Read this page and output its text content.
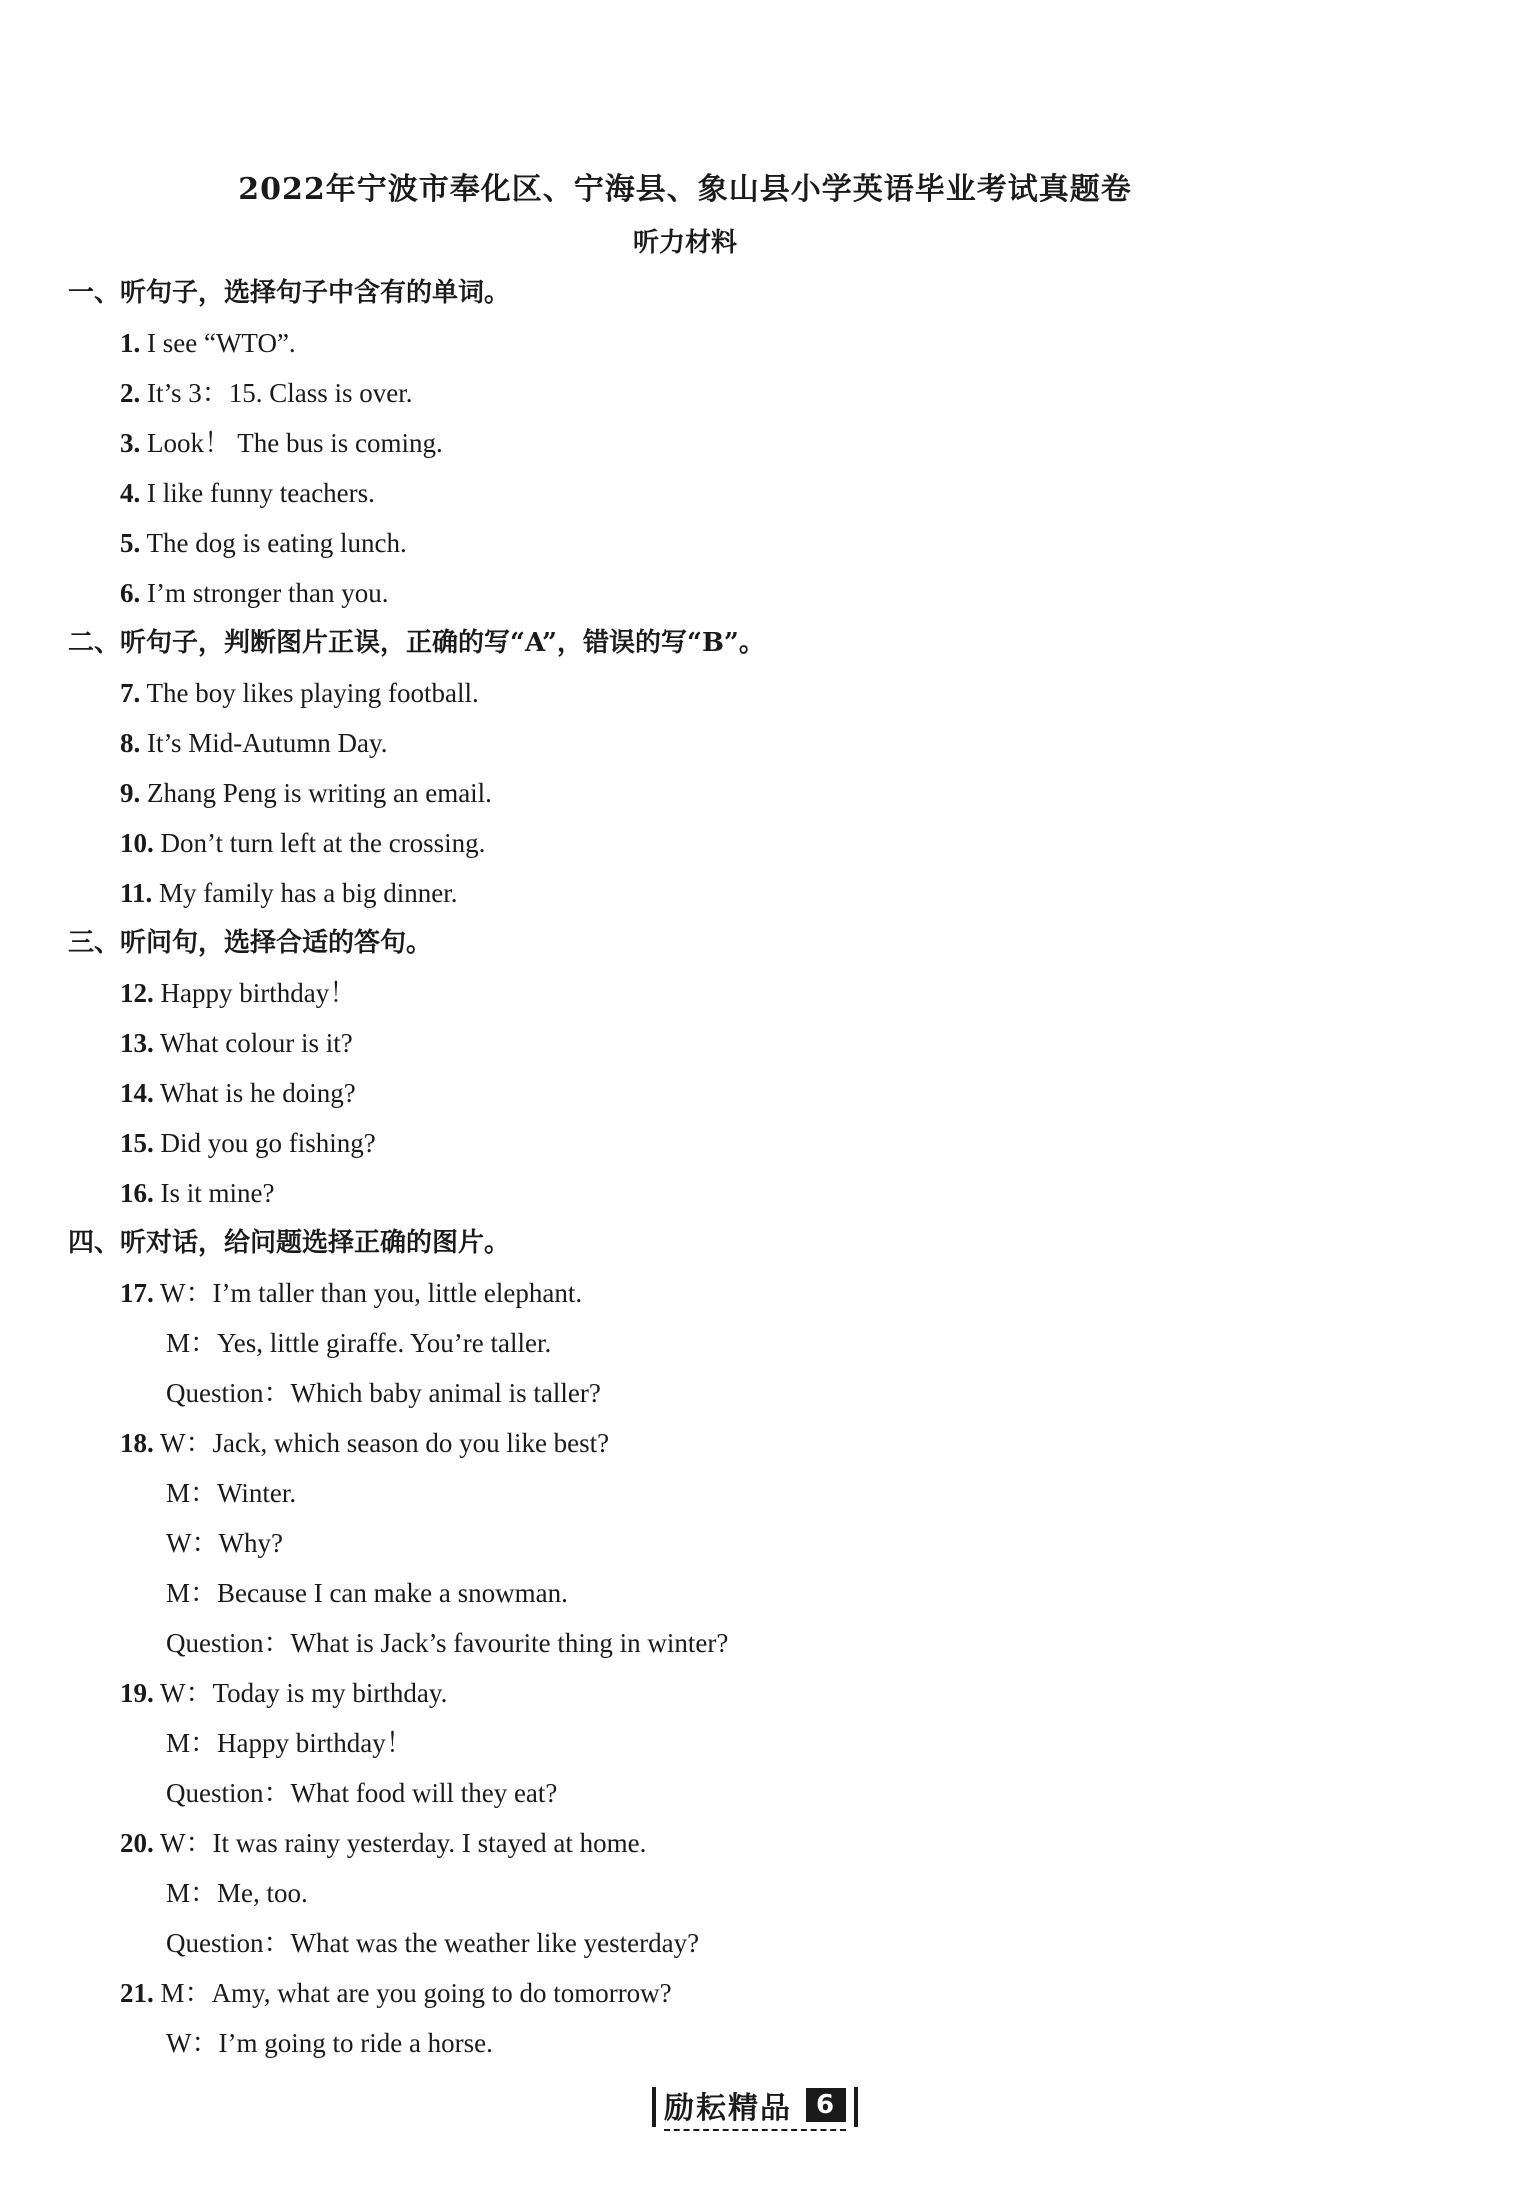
2022年宁波市奉化区、宁海县、象山县小学英语毕业考试真题卷
听力材料
一、听句子，选择句子中含有的单词。
1. I see “WTO”.
2. It’s 3：15. Class is over.
3. Look！ The bus is coming.
4. I like funny teachers.
5. The dog is eating lunch.
6. I’m stronger than you.
二、听句子，判断图片正误，正确的写“A”，错误的写“B”。
7. The boy likes playing football.
8. It’s Mid-Autumn Day.
9. Zhang Peng is writing an email.
10. Don’t turn left at the crossing.
11. My family has a big dinner.
三、听问句，选择合适的答句。
12. Happy birthday！
13. What colour is it?
14. What is he doing?
15. Did you go fishing?
16. Is it mine?
四、听对话，给问题选择正确的图片。
17. W：I’m taller than you, little elephant.
M：Yes, little giraffe. You’re taller.
Question：Which baby animal is taller?
18. W：Jack, which season do you like best?
M：Winter.
W：Why?
M：Because I can make a snowman.
Question：What is Jack’s favourite thing in winter?
19. W：Today is my birthday.
M：Happy birthday！
Question：What food will they eat?
20. W：It was rainy yesterday. I stayed at home.
M：Me, too.
Question：What was the weather like yesterday?
21. M：Amy, what are you going to do tomorrow?
W：I’m going to ride a horse.
励耘精品 6
